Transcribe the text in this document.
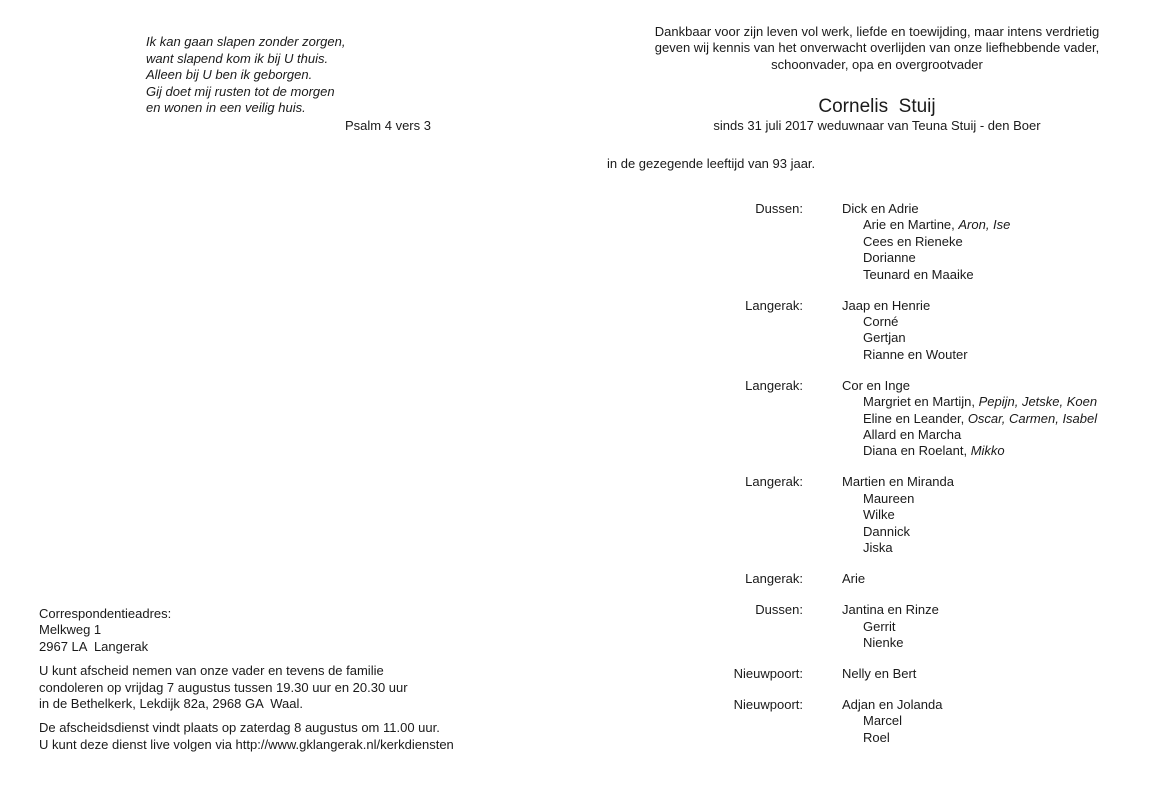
Ik kan gaan slapen zonder zorgen,
want slapend kom ik bij U thuis.
Alleen bij U ben ik geborgen.
Gij doet mij rusten tot de morgen
en wonen in een veilig huis.
Psalm 4 vers 3
Dankbaar voor zijn leven vol werk, liefde en toewijding, maar intens verdrietig
geven wij kennis van het onverwacht overlijden van onze liefhebbende vader,
schoonvader, opa en overgrootvader
Cornelis  Stuij
sinds 31 juli 2017 weduwnaar van Teuna Stuij - den Boer
in de gezegende leeftijd van 93 jaar.
Dussen:	Dick en Adrie
Arie en Martine, Aron, Ise
Cees en Rieneke
Dorianne
Teunard en Maaike
Langerak:	Jaap en Henrie
Corné
Gertjan
Rianne en Wouter
Langerak:	Cor en Inge
Margriet en Martijn, Pepijn, Jetske, Koen
Eline en Leander, Oscar, Carmen, Isabel
Allard en Marcha
Diana en Roelant, Mikko
Langerak:	Martien en Miranda
Maureen
Wilke
Dannick
Jiska
Langerak:	Arie
Dussen:	Jantina en Rinze
Gerrit
Nienke
Nieuwpoort:	Nelly en Bert
Nieuwpoort:	Adjan en Jolanda
Marcel
Roel
Correspondentieadres:
Melkweg 1
2967 LA  Langerak
U kunt afscheid nemen van onze vader en tevens de familie
condoleren op vrijdag 7 augustus tussen 19.30 uur en 20.30 uur
in de Bethelkerk, Lekdijk 82a, 2968 GA  Waal.
De afscheidsdienst vindt plaats op zaterdag 8 augustus om 11.00 uur.
U kunt deze dienst live volgen via http://www.gklangerak.nl/kerkdiensten
